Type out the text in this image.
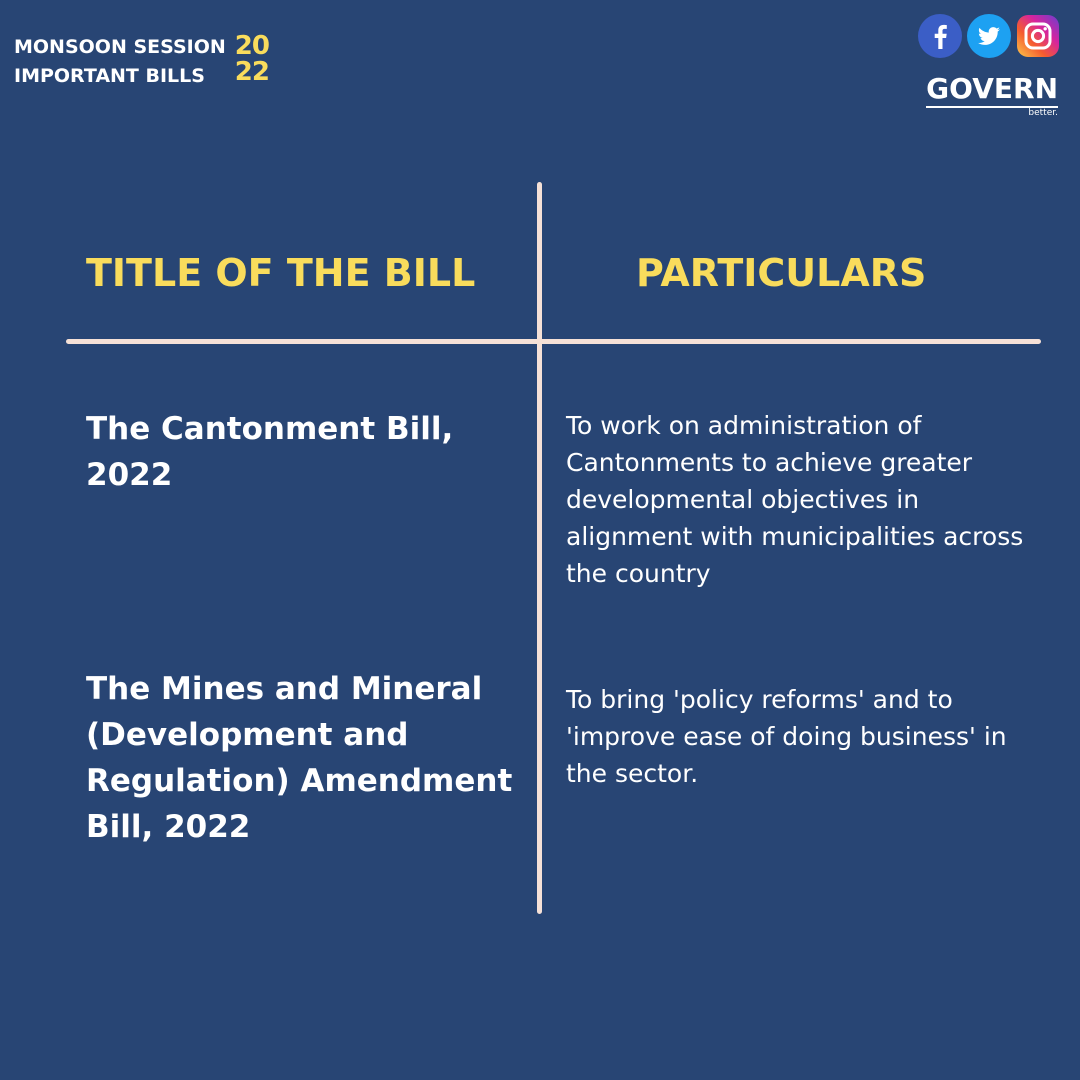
MONSOON SESSION
IMPORTANT BILLS
20
22	GOVERN
better.
TITLE OF THE BILL	PARTICULARS
The Cantonment Bill, 2022
To work on administration of Cantonments to achieve greater developmental objectives in alignment with municipalities across the country
The Mines and Mineral (Development and Regulation) Amendment Bill, 2022
To bring 'policy reforms' and to 'improve ease of doing business' in the sector.
